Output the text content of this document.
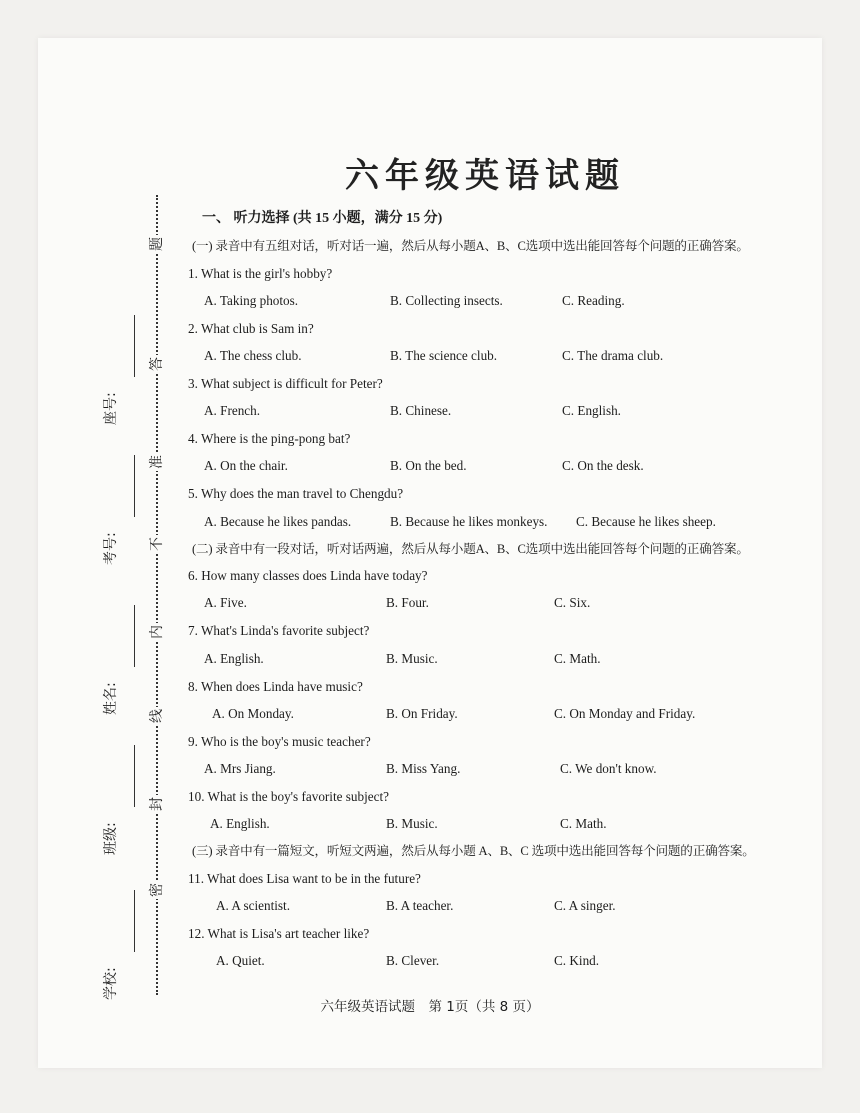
六年级英语试题
题
答
准
不
内
线
封
密
座号:
考号:
姓名:
班级:
学校:
一、 听力选择 (共 15 小题，满分 15 分)
(一) 录音中有五组对话，听对话一遍，然后从每小题A、B、C选项中选出能回答每个问题的正确答案。
1. What is the girl's hobby?
A. Taking photos.	B. Collecting insects.	C. Reading.
2. What club is Sam in?
A. The chess club.	B. The science club.	C. The drama club.
3. What subject is difficult for Peter?
A. French.	B. Chinese.	C. English.
4. Where is the ping-pong bat?
A. On the chair.	B. On the bed.	C. On the desk.
5. Why does the man travel to Chengdu?
A. Because he likes pandas.	B. Because he likes monkeys. C. Because he likes sheep.
(二) 录音中有一段对话，听对话两遍，然后从每小题A、B、C选项中选出能回答每个问题的正确答案。
6. How many classes does Linda have today?
A. Five.	B. Four.	C. Six.
7. What's Linda's favorite subject?
A. English.	B. Music.	C. Math.
8. When does Linda have music?
A. On Monday.	B. On Friday.	C. On Monday and Friday.
9. Who is the boy's music teacher?
A. Mrs Jiang.	B. Miss Yang.	C. We don't know.
10. What is the boy's favorite subject?
A. English.	B. Music.	C. Math.
(三) 录音中有一篇短文，听短文两遍，然后从每小题 A、B、C 选项中选出能回答每个问题的正确答案。
11. What does Lisa want to be in the future?
A. A scientist.	B. A teacher.	C. A singer.
12. What is Lisa's art teacher like?
A. Quiet.	B. Clever.	C. Kind.
六年级英语试题　第 1页（共 8 页）
